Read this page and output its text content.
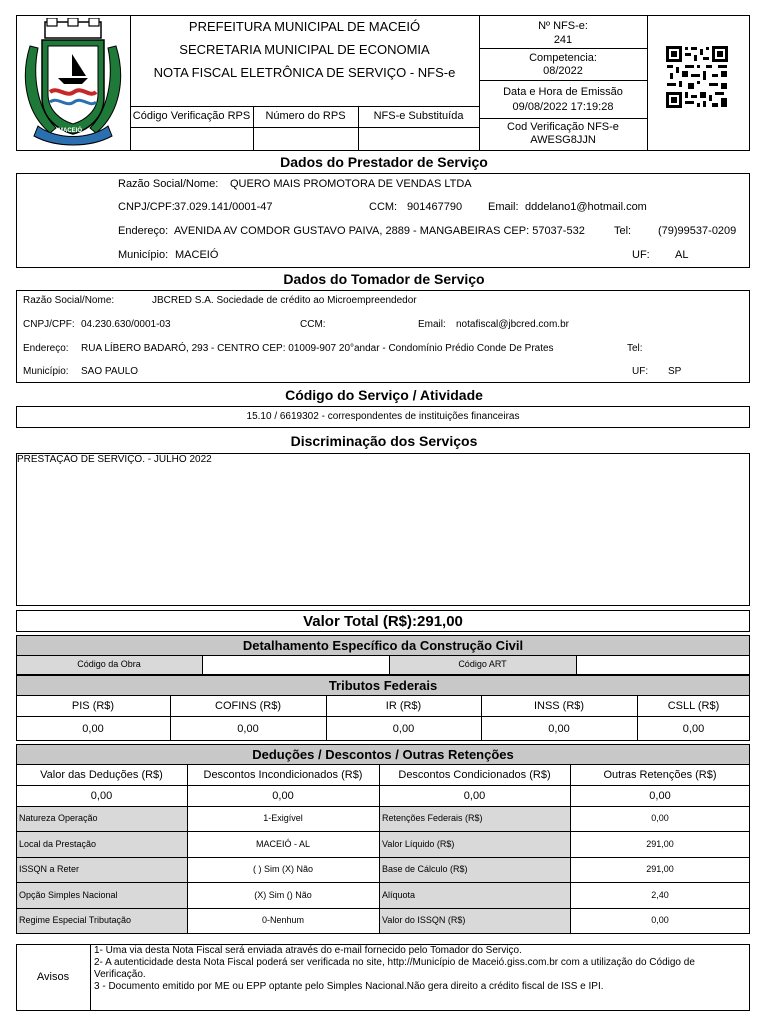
MACEIÓ
PREFEITURA MUNICIPAL DE MACEIÓ
SECRETARIA MUNICIPAL DE ECONOMIA
NOTA FISCAL ELETRÔNICA DE SERVIÇO - NFS-e
Código Verificação RPS	Número do RPS	NFS-e Substituída
Nº NFS-e:
241
Competencia:
08/2022
Data e Hora de Emissão
09/08/2022 17:19:28
Cod Verificação NFS-e
AWESG8JJN
Dados do Prestador de Serviço
Razão Social/Nome: QUERO MAIS PROMOTORA DE VENDAS LTDA
CNPJ/CPF: 37.029.141/0001-47	CCM: 901467790 Email: dddelano1@hotmail.com
Endereço: AVENIDA AV COMDOR GUSTAVO PAIVA, 2889 - MANGABEIRAS CEP: 57037-532	Tel: (79)99537-0209
Município: MACEIÓ	UF: AL
Dados do Tomador de Serviço
Razão Social/Nome:	JBCRED S.A. Sociedade de crédito ao Microempreendedor
CNPJ/CPF: 04.230.630/0001-03	CCM:	Email: notafiscal@jbcred.com.br
Endereço: RUA LÍBERO BADARÓ, 293 - CENTRO CEP: 01009-907 20°andar - Condomínio Prédio Conde De Prates	Tel:
Município: SAO PAULO	UF: SP
Código do Serviço / Atividade
15.10 / 6619302 - correspondentes de instituições financeiras
Discriminação dos Serviços
PRESTAÇÃO DE SERVIÇO. - JULHO 2022
Valor Total (R$):291,00
Detalhamento Específico da Construção Civil
Código da Obra	Código ART
Tributos Federais
PIS (R$)	COFINS (R$)	IR (R$)	INSS (R$)	CSLL (R$)
0,00	0,00	0,00	0,00	0,00
Deduções / Descontos / Outras Retenções
Valor das Deduções (R$)	Descontos Incondicionados (R$)	Descontos Condicionados (R$)	Outras Retenções (R$)
0,00	0,00	0,00	0,00
Natureza Operação	1-Exigível	Retenções Federais (R$)	0,00
Local da Prestação	MACEIÓ - AL	Valor Líquido (R$)	291,00
ISSQN a Reter	( ) Sim (X) Não	Base de Cálculo (R$)	291,00
Opção Simples Nacional	(X) Sim () Não	Alíquota	2,40
Regime Especial Tributação	0-Nenhum	Valor do ISSQN (R$)	0,00
Avisos
1- Uma via desta Nota Fiscal será enviada através do e-mail fornecido pelo Tomador do Serviço.
2- A autenticidade desta Nota Fiscal poderá ser verificada no site, http://Município de Maceió.giss.com.br com a utilização do Código de
Verificação.
3 - Documento emitido por ME ou EPP optante pelo Simples Nacional.Não gera direito a crédito fiscal de ISS e IPI.
